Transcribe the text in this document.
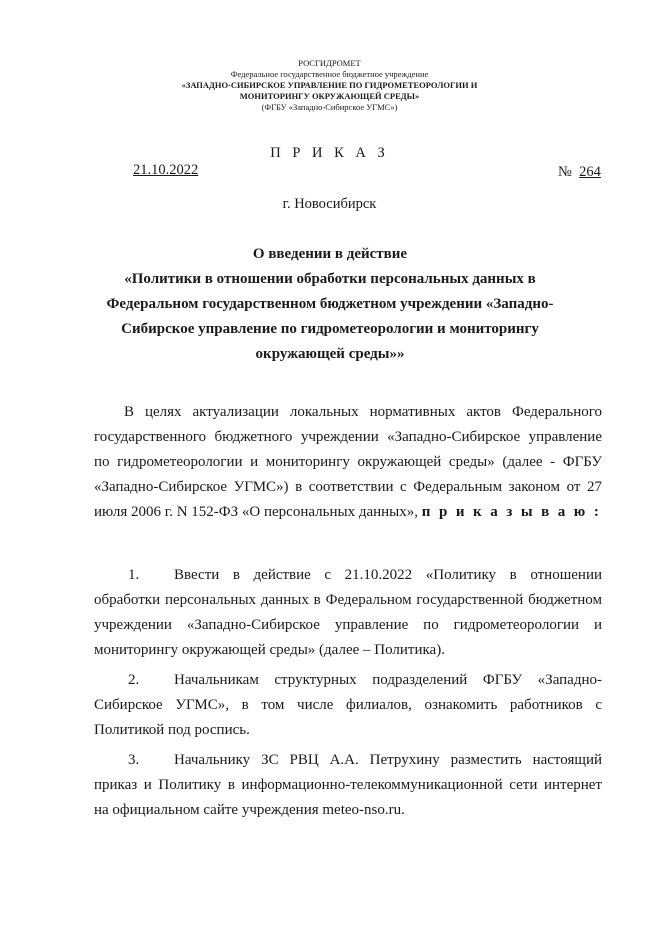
РОСГИДРОМЕТ
Федеральное государственное бюджетное учреждение
«ЗАПАДНО-СИБИРСКОЕ УПРАВЛЕНИЕ ПО ГИДРОМЕТЕОРОЛОГИИ И
МОНИТОРИНГУ ОКРУЖАЮЩЕЙ СРЕДЫ»
(ФГБУ «Западно-Сибирское УГМС»)
П Р И К А З
21.10.2022	№ 264
г. Новосибирск
О введении в действие
«Политики в отношении обработки персональных данных в
Федеральном государственном бюджетном учреждении «Западно-
Сибирское управление по гидрометеорологии и мониторингу
окружающей среды»»
В целях актуализации локальных нормативных актов Федерального государственного бюджетного учреждении «Западно-Сибирское управление по гидрометеорологии и мониторингу окружающей среды» (далее - ФГБУ «Западно-Сибирское УГМС») в соответствии с Федеральным законом от 27 июля 2006 г. N 152-ФЗ «О персональных данных», п р и к а з ы в а ю :
1. Ввести в действие с 21.10.2022 «Политику в отношении обработки персональных данных в Федеральном государственной бюджетном учреждении «Западно-Сибирское управление по гидрометеорологии и мониторингу окружающей среды» (далее – Политика).
2. Начальникам структурных подразделений ФГБУ «Западно-Сибирское УГМС», в том числе филиалов, ознакомить работников с Политикой под роспись.
3. Начальнику ЗС РВЦ А.А. Петрухину разместить настоящий приказ и Политику в информационно-телекоммуникационной сети интернет на официальном сайте учреждения meteo-nso.ru.
